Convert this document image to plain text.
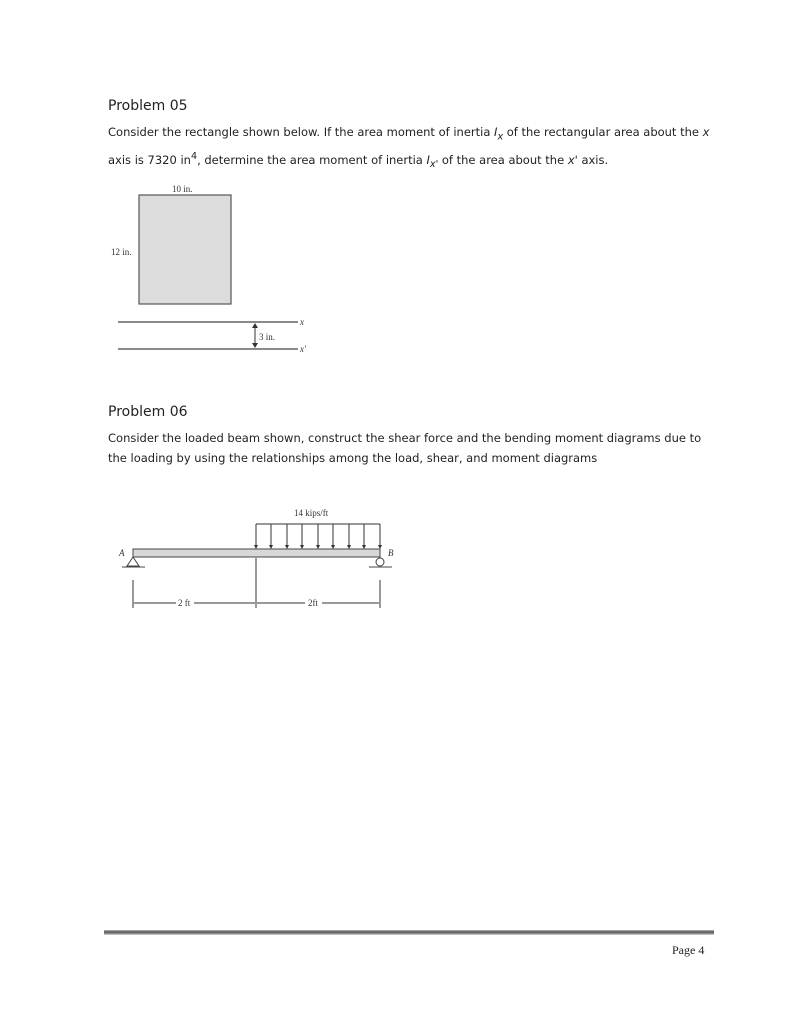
Problem 05
Consider the rectangle shown below. If the area moment of inertia $I_x$ of the rectangular area about the x
axis is 7320 $in^4$, determine the area moment of inertia $I_{x'}$ of the area about the x' axis.
10 in.
12 in.
x
x'
3 in.
Problem 06
Consider the loaded beam shown, construct the shear force and the bending moment diagrams due to
the loading by using the relationships among the load, shear, and moment diagrams
14 kips/ft
A	B
2 ft	2ft
Page 4
